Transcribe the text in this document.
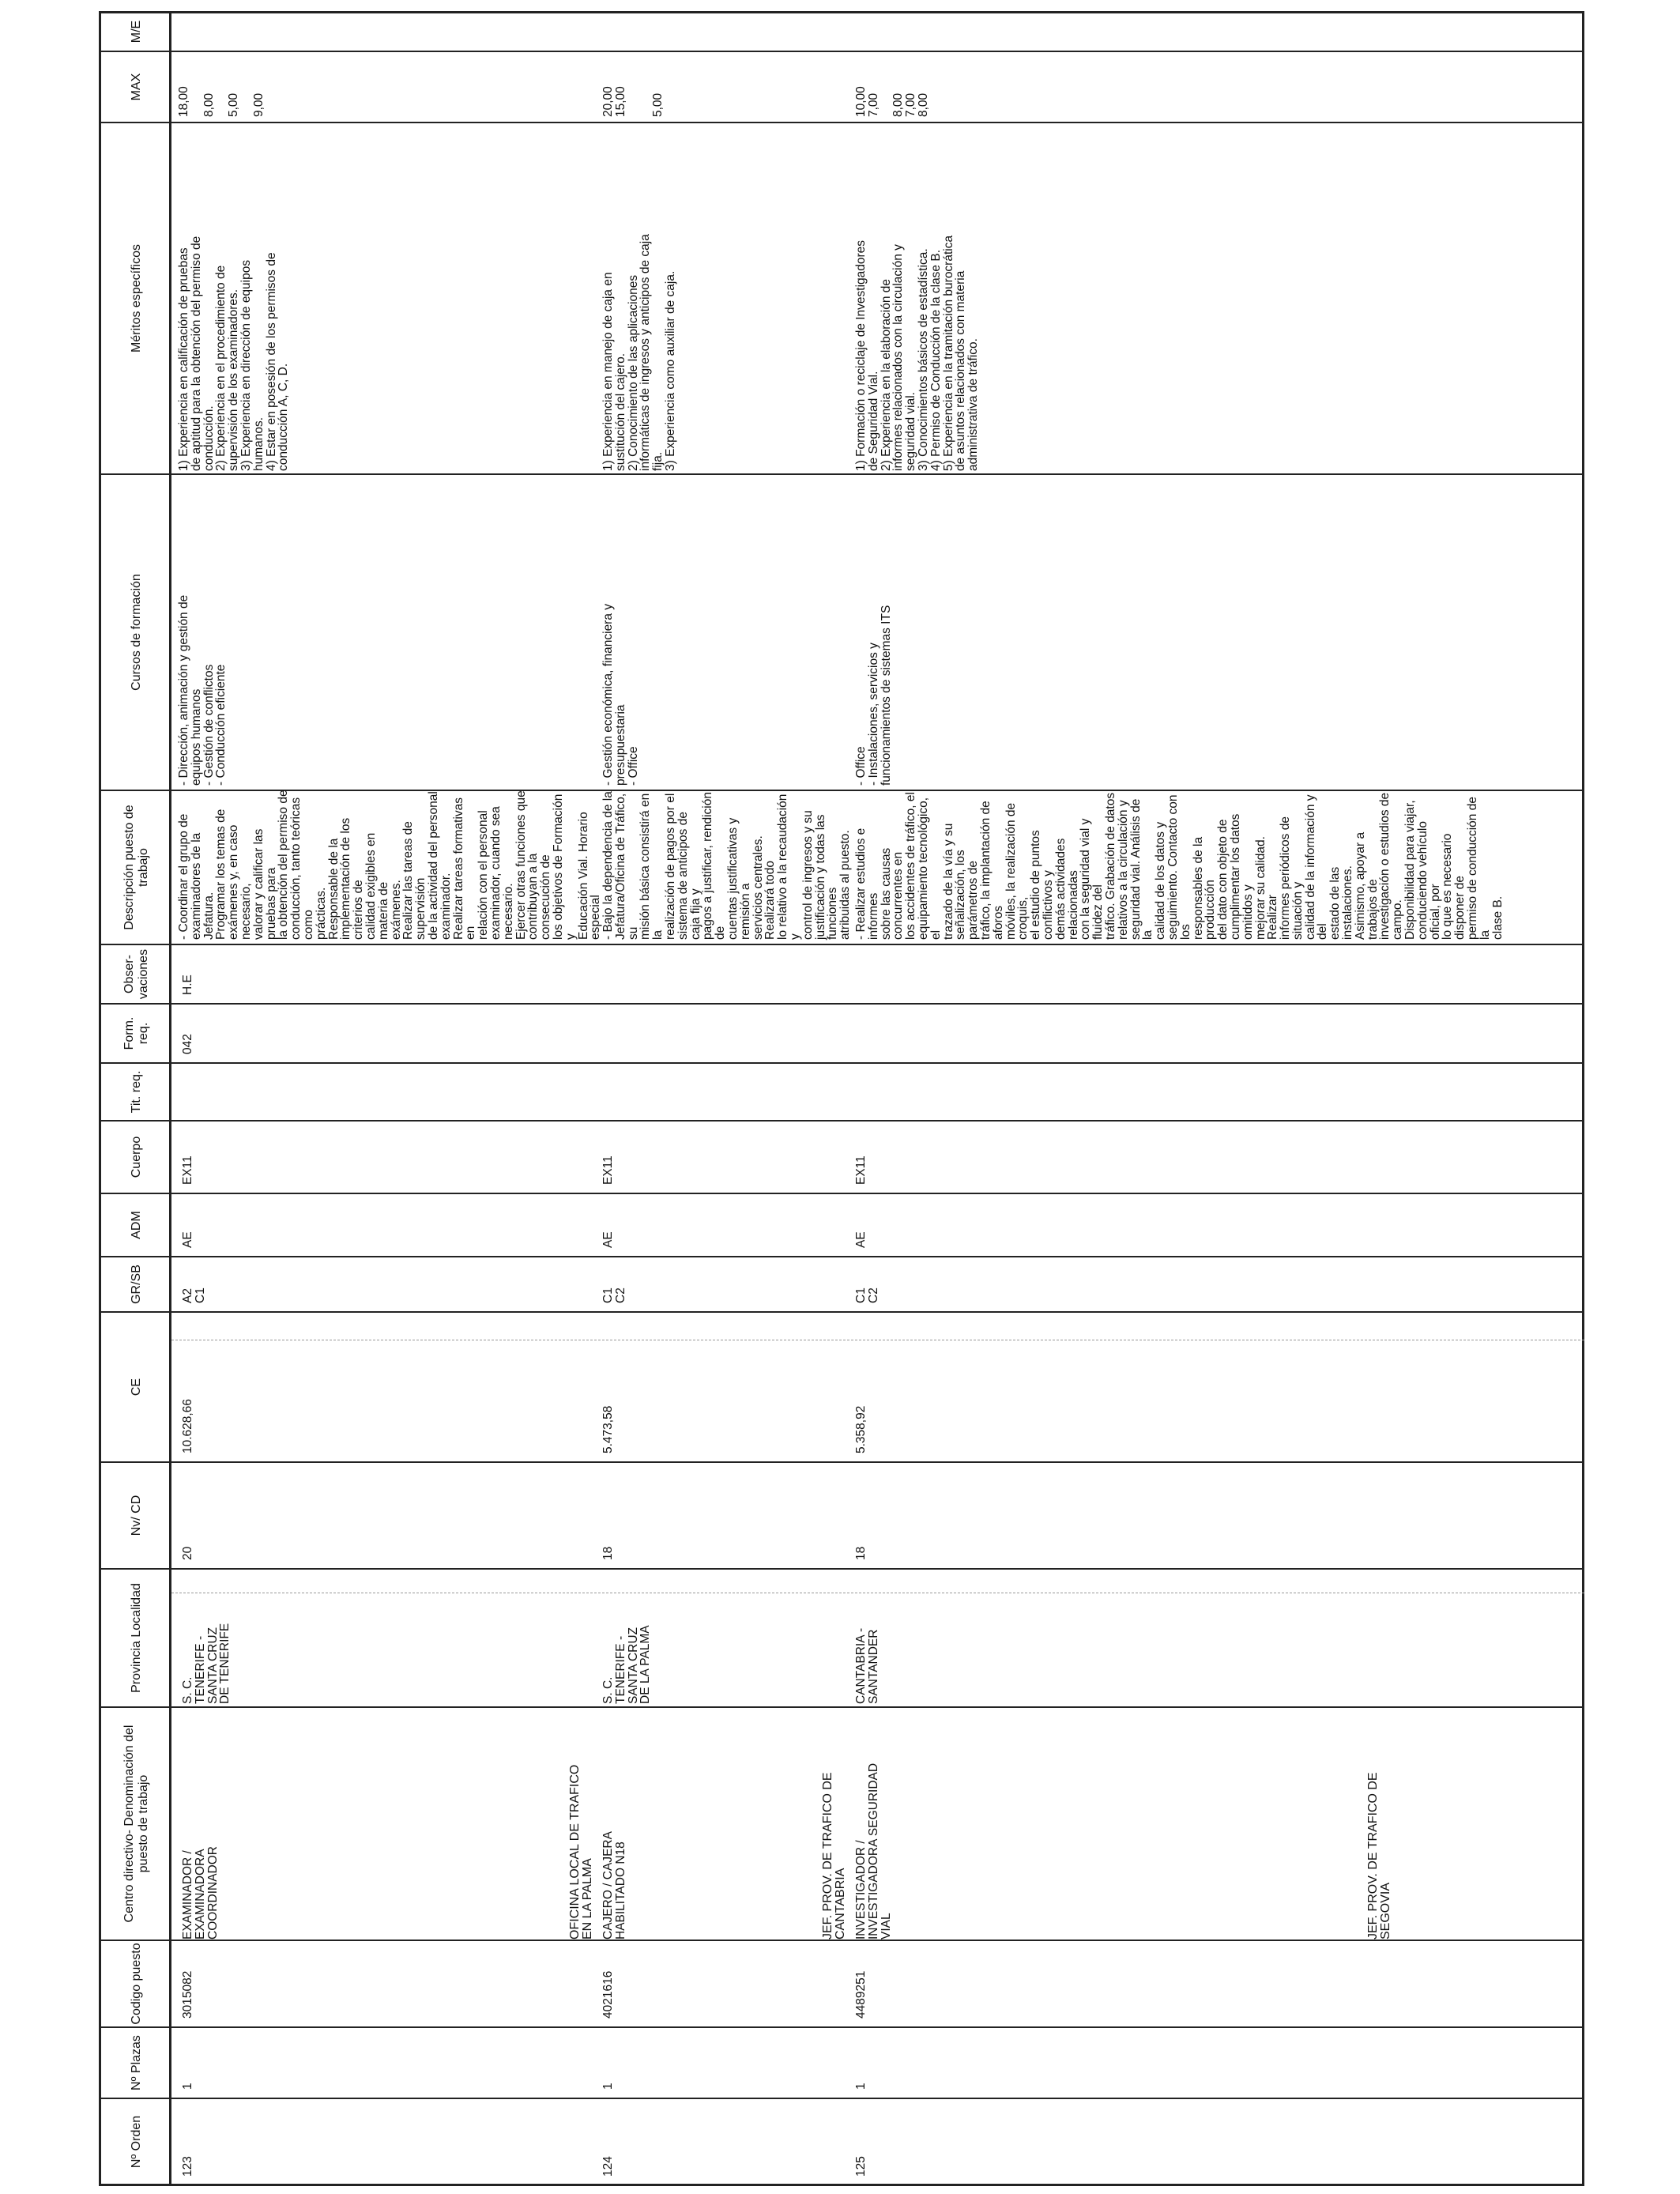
Nº Orden
Nº Plazas
Codigo puesto
Centro directivo- Denominación del puesto de trabajo
Provincia Localidad
Nv/ CD
CE
GR/SB
ADM
Cuerpo
Tit. req.
Form. req.
Obser- vaciones
Descripción puesto de trabajo
Cursos de formación
Méritos específicos
MAX
M/E
123
1
3015082
EXAMINADOR /
EXAMINADORA
COORDINADOR
S. C.
TENERIFE -
SANTA CRUZ
DE TENERIFE
20
10.628,66
A2
C1
AE
EX11
042
H.E
- Coordinar el grupo de
examinadores de la Jefatura.
Programar los temas de
exámenes y, en caso necesario,
valorar y calificar las pruebas para
la obtención del permiso de
conducción, tanto teóricas como
prácticas.
Responsable de la
implementación de los criterios de
calidad exigibles en materia de
exámenes.
Realizar las tareas de supervisión
de la actividad del personal
examinador.
Realizar tareas formativas en
relación con el personal
examinador, cuando sea
necesario.
Ejercer otras funciones que
contribuyan a la consecución de
los objetivos de Formación y
Educación Vial. Horario especial
- Dirección, animación y gestión de
equipos humanos
- Gestión de conflictos
- Conducción eficiente
1) Experiencia en calificación de pruebas
de aptitud para la obtención del permiso de
conducción.
2) Experiencia en el procedimiento de
supervisión de los examinadores.
3) Experiencia en dirección de equipos
humanos.
4) Estar en posesión de los permisos de
conducción A, C, D.
18,00

8,00

5,00

9,00
124
1
4021616
CAJERO / CAJERA
HABILITADO N18
S. C.
TENERIFE -
SANTA CRUZ
DE LA PALMA
18
5.473,58
C1
C2
AE
EX11
- Bajo la dependencia de la
Jefatura/Oficina de Tráfico, su
misión básica consistirá en la
realización de pagos por el
sistema de anticipos de caja fija y
pagos a justificar, rendición de
cuentas justificativas y remisión a
servicios centrales. Realizará todo
lo relativo a la recaudación y
control de ingresos y su
justificación y todas las funciones
atribuidas al puesto.
- Gestión económica, financiera y
presupuestaria
- Office
1) Experiencia en manejo de caja en
sustitución del cajero.
2) Conocimiento de las aplicaciones
informáticas de ingresos y anticipos de caja
fija.
3) Experiencia como auxiliar de caja.
20,00
15,00

5,00
125
1
4489251
INVESTIGADOR /
INVESTIGADORA SEGURIDAD
VIAL
CANTABRIA -
SANTANDER
18
5.358,92
C1
C2
AE
EX11
- Realizar estudios e informes
sobre las causas concurrentes en
los accidentes de tráfico, el
equipamiento tecnológico, el
trazado de la vía y su
señalización, los parámetros de
tráfico, la implantación de aforos
móviles, la realización de croquis,
el estudio de puntos conflictivos y
demás actividades relacionadas
con la seguridad vial y fluidez del
tráfico. Grabación de datos
relativos a la circulación y
seguridad vial. Análisis de la
calidad de los datos y
seguimiento. Contacto con los
responsables de la producción
del dato con objeto de
cumplimentar los datos omitidos y
mejorar su calidad. Realizar
informes periódicos de situación y
calidad de la información y del
estado de las instalaciones.
Asimismo, apoyar a trabajos de
investigación o estudios de
campo.
Disponibilidad para viajar,
conduciendo vehículo oficial, por
lo que es necesario disponer de
permiso de conducción de la
clase B.
- Office
- Instalaciones, servicios y
funcionamientos de sistemas ITS
1) Formación o reciclaje de Investigadores
de Seguridad Vial.
2) Experiencia en la elaboración de
informes relacionados con la circulación y
seguridad vial.
3) Conocimientos básicos de estadística.
4) Permiso de Conducción de la clase B.
5) Experiencia en la tramitación burocrática
de asuntos relacionados con materia
administrativa de tráfico.
10,00
7,00

8,00
7,00
8,00
OFICINA LOCAL DE TRAFICO
EN LA PALMA
JEF. PROV. DE TRAFICO DE
CANTABRIA	JEF. PROV. DE TRAFICO DE
SEGOVIA
